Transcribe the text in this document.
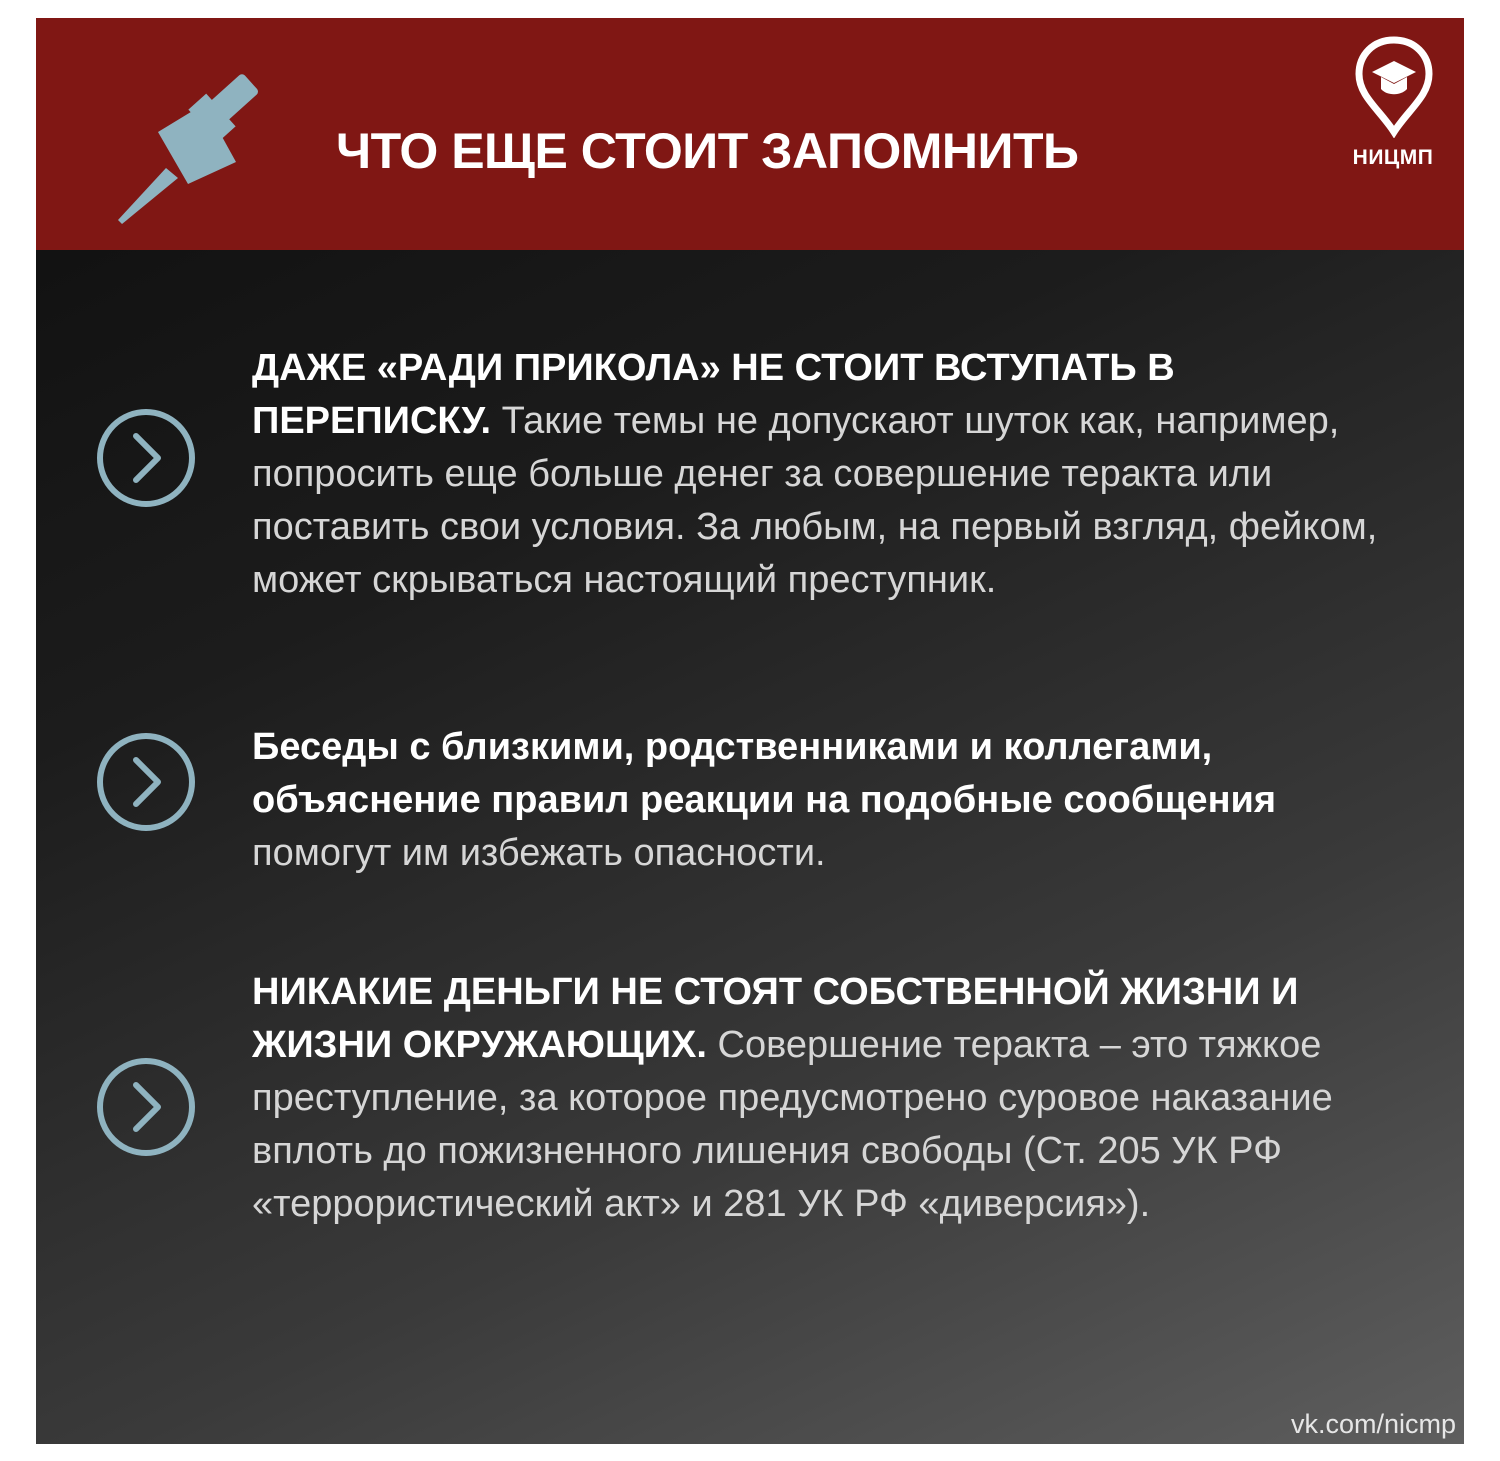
ЧТО ЕЩЕ СТОИТ ЗАПОМНИТЬ	НИЦМП

ДАЖЕ «РАДИ ПРИКОЛА» НЕ СТОИТ ВСТУПАТЬ В ПЕРЕПИСКУ. Такие темы не допускают шуток как, например, попросить еще больше денег за совершение теракта или поставить свои условия. За любым, на первый взгляд, фейком, может скрываться настоящий преступник.

Беседы с близкими, родственниками и коллегами, объяснение правил реакции на подобные сообщения помогут им избежать опасности.

НИКАКИЕ ДЕНЬГИ НЕ СТОЯТ СОБСТВЕННОЙ ЖИЗНИ И ЖИЗНИ ОКРУЖАЮЩИХ. Совершение теракта – это тяжкое преступление, за которое предусмотрено суровое наказание вплоть до пожизненного лишения свободы (Ст. 205 УК РФ «террористический акт» и 281 УК РФ «диверсия»).

vk.com/nicmp
